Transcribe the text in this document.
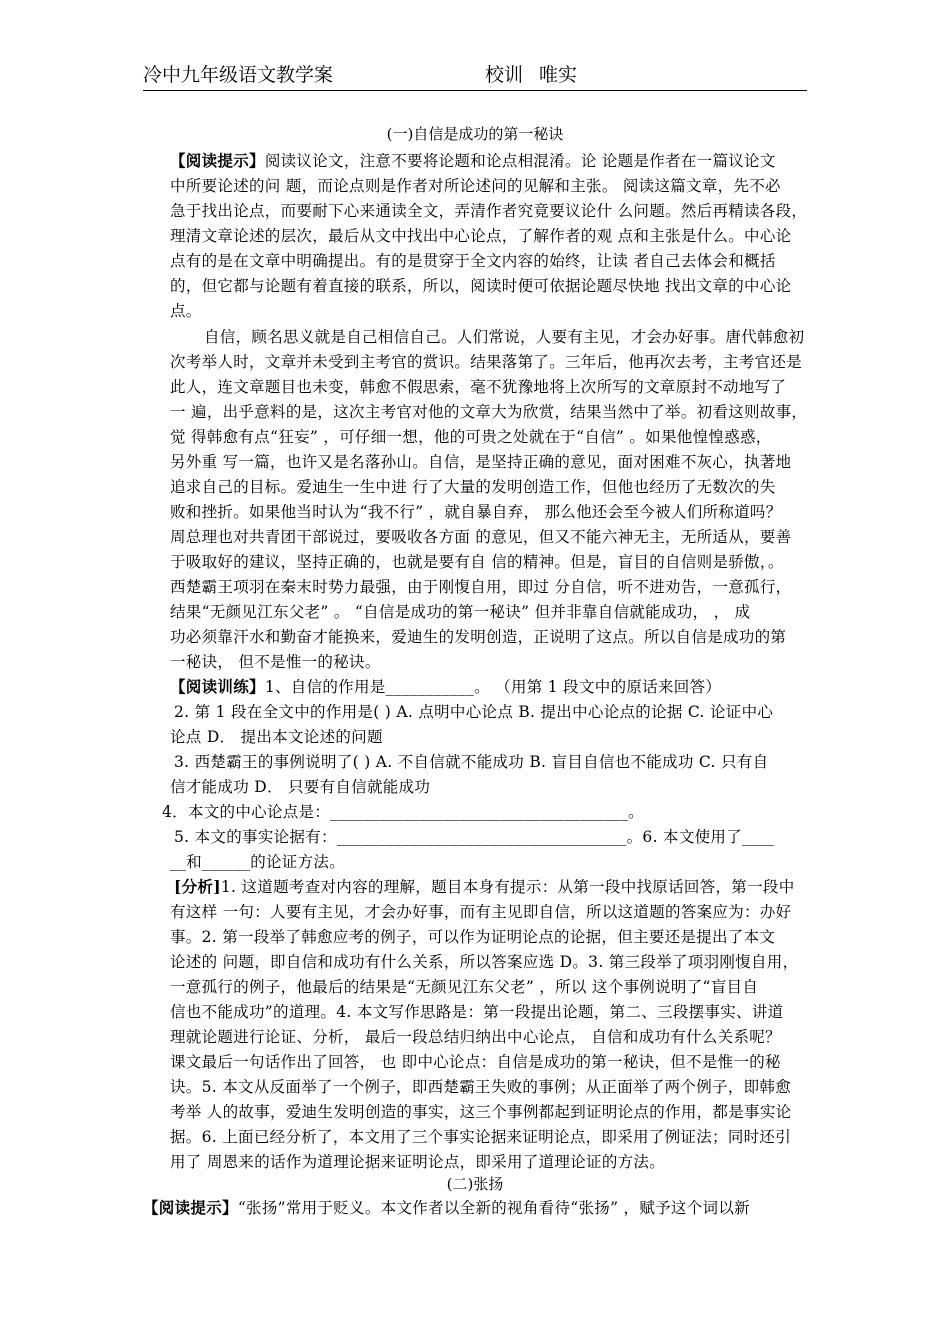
冷中九年级语文教学案	校训 唯实
(一)自信是成功的第一秘诀
【阅读提示】阅读议论文，注意不要将论题和论点相混淆。论 论题是作者在一篇议论文
中所要论述的问 题，而论点则是作者对所论述问的见解和主张。 阅读这篇文章，先不必
急于找出论点，而要耐下心来通读全文，弄清作者究竟要议论什 么问题。然后再精读各段，
理清文章论述的层次，最后从文中找出中心论点，了解作者的观 点和主张是什么。中心论
点有的是在文章中明确提出。有的是贯穿于全文内容的始终，让读 者自己去体会和概括
的，但它都与论题有着直接的联系，所以，阅读时便可依据论题尽快地 找出文章的中心论
点。
自信，顾名思义就是自己相信自己。人们常说，人要有主见，才会办好事。唐代韩愈初
次考举人时，文章并未受到主考官的赏识。结果落第了。三年后，他再次去考，主考官还是
此人，连文章题目也未变，韩愈不假思索，毫不犹豫地将上次所写的文章原封不动地写了
一 遍，出乎意料的是，这次主考官对他的文章大为欣赏，结果当然中了举。初看这则故事，
觉 得韩愈有点“狂妄” ，可仔细一想，他的可贵之处就在于“自信” 。如果他惶惶惑惑，
另外重 写一篇，也许又是名落孙山。自信，是坚持正确的意见，面对困难不灰心，执著地
追求自己的目标。爱迪生一生中进 行了大量的发明创造工作，但他也经历了无数次的失
败和挫折。如果他当时认为“我不行” ，就自暴自弃， 那么他还会至今被人们所称道吗？
周总理也对共青团干部说过，要吸收各方面 的意见，但又不能六神无主，无所适从，要善
于吸取好的建议，坚持正确的，也就是要有自 信的精神。但是，盲目的自信则是骄傲，。
西楚霸王项羽在秦末时势力最强，由于刚愎自用，即过 分自信，听不进劝告，一意孤行，
结果“无颜见江东父老” 。 “自信是成功的第一秘诀” 但并非靠自信就能成功， ， 成
功必须靠汗水和勤奋才能换来，爱迪生的发明创造，正说明了这点。所以自信是成功的第
一秘诀， 但不是惟一的秘诀。
【阅读训练】1、自信的作用是___________。 （用第 1 段文中的原话来回答）
2. 第 1 段在全文中的作用是( ) A. 点明中心论点 B. 提出中心论点的论据 C. 论证中心
论点 D． 提出本文论述的问题
3. 西楚霸王的事例说明了( ) A. 不自信就不能成功 B. 盲目自信也不能成功 C. 只有自
信才能成功 D． 只要有自信就能成功
4．本文的中心论点是：_____________________________________。
5. 本文的事实论据有：____________________________________。6. 本文使用了____
__和______的论证方法。
[分析]1. 这道题考查对内容的理解，题目本身有提示：从第一段中找原话回答，第一段中
有这样 一句：人要有主见，才会办好事，而有主见即自信，所以这道题的答案应为：办好
事。2. 第一段举了韩愈应考的例子，可以作为证明论点的论据，但主要还是提出了本文
论述的 问题，即自信和成功有什么关系，所以答案应选 D。3. 第三段举了项羽刚愎自用，
一意孤行的例子，他最后的结果是“无颜见江东父老” ，所以 这个事例说明了“盲目自
信也不能成功”的道理。4. 本文写作思路是：第一段提出论题，第二、三段摆事实、讲道
理就论题进行论证、分析， 最后一段总结归纳出中心论点， 自信和成功有什么关系呢？
课文最后一句话作出了回答， 也 即中心论点：自信是成功的第一秘诀，但不是惟一的秘
诀。5. 本文从反面举了一个例子，即西楚霸王失败的事例；从正面举了两个例子，即韩愈
考举 人的故事，爱迪生发明创造的事实，这三个事例都起到证明论点的作用，都是事实论
据。6. 上面已经分析了，本文用了三个事实论据来证明论点，即采用了例证法；同时还引
用了 周恩来的话作为道理论据来证明论点，即采用了道理论证的方法。
(二)张扬
【阅读提示】“张扬”常用于贬义。本文作者以全新的视角看待“张扬” ，赋予这个词以新
